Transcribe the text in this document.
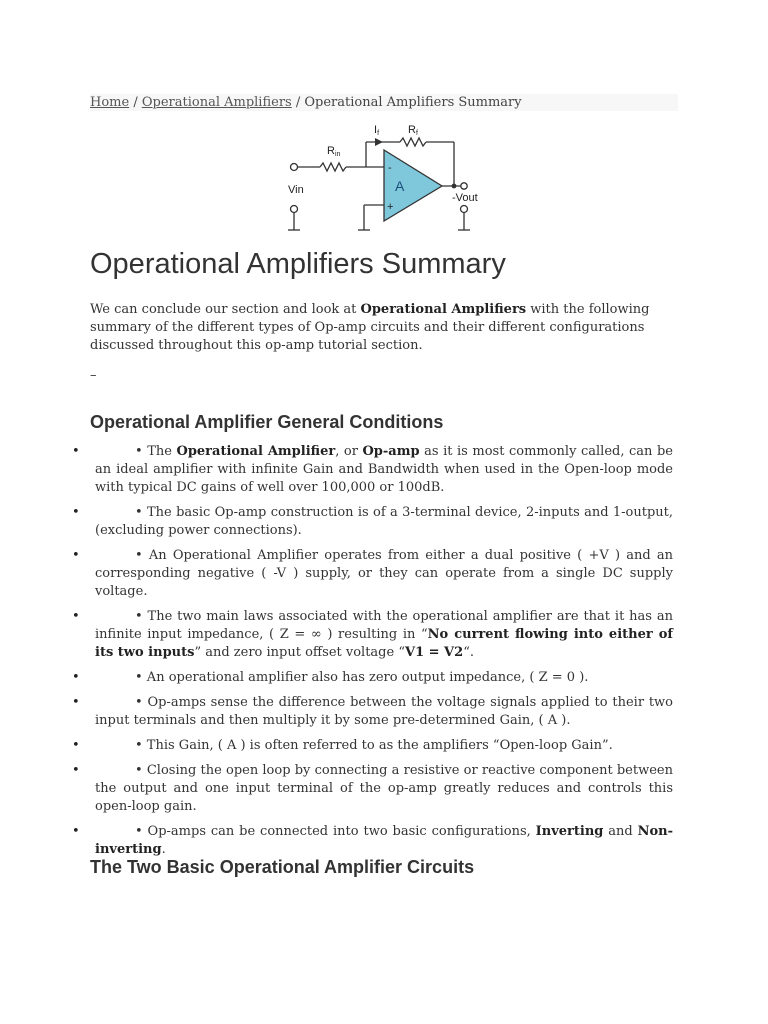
Home / Operational Amplifiers / Operational Amplifiers Summary
If	Rf
Rin
Vin
-Vout
A
-
+
Operational Amplifiers Summary

We can conclude our section and look at Operational Amplifiers with the following summary of the different types of Op-amp circuits and their different configurations discussed throughout this op-amp tutorial section.

–
Operational Amplifier General Conditions
•	• The Operational Amplifier, or Op-amp as it is most commonly called, can be an ideal amplifier with infinite Gain and Bandwidth when used in the Open-loop mode with typical DC gains of well over 100,000 or 100dB.
•	• The basic Op-amp construction is of a 3-terminal device, 2-inputs and 1-output, (excluding power connections).
•	• An Operational Amplifier operates from either a dual positive ( +V ) and an corresponding negative ( -V ) supply, or they can operate from a single DC supply voltage.
•	• The two main laws associated with the operational amplifier are that it has an infinite input impedance, ( Z = ∞ ) resulting in “No current flowing into either of its two inputs” and zero input offset voltage “V1 = V2“.
•	• An operational amplifier also has zero output impedance, ( Z = 0 ).
•	• Op-amps sense the difference between the voltage signals applied to their two input terminals and then multiply it by some pre-determined Gain, ( A ).
•	• This Gain, ( A ) is often referred to as the amplifiers “Open-loop Gain”.
•	• Closing the open loop by connecting a resistive or reactive component between the output and one input terminal of the op-amp greatly reduces and controls this open-loop gain.
•	• Op-amps can be connected into two basic configurations, Inverting and Non-inverting.
The Two Basic Operational Amplifier Circuits
